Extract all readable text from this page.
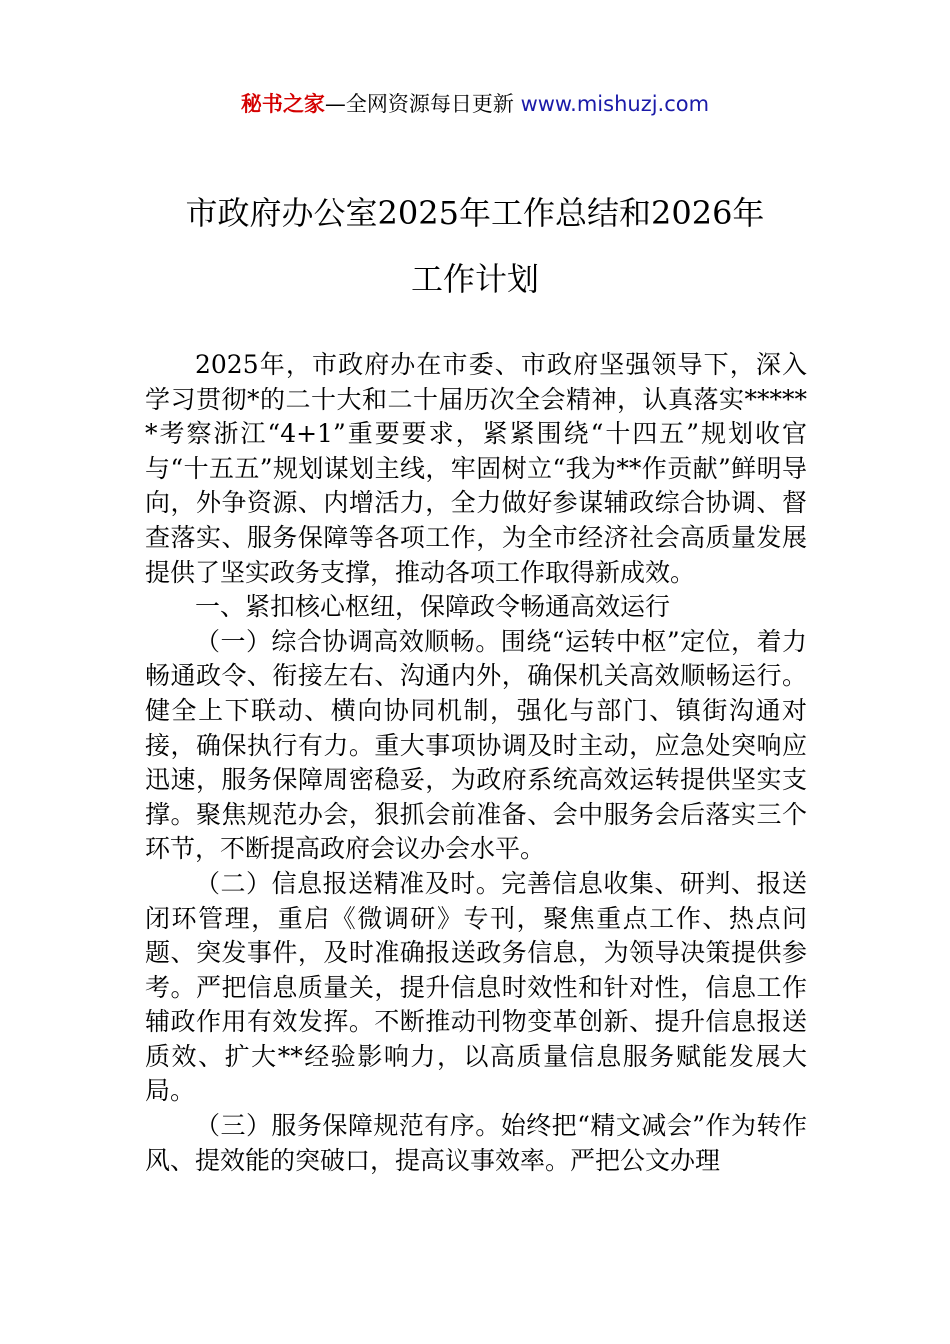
秘书之家—全网资源每日更新 www.mishuzj.com
市政府办公室2025年工作总结和2026年
工作计划

2025年，市政府办在市委、市政府坚强领导下，深入学习贯彻*的二十大和二十届历次全会精神，认真落实******考察浙江“4+1”重要要求，紧紧围绕“十四五”规划收官与“十五五”规划谋划主线，牢固树立“我为**作贡献”鲜明导向，外争资源、内增活力，全力做好参谋辅政综合协调、督查落实、服务保障等各项工作，为全市经济社会高质量发展提供了坚实政务支撑，推动各项工作取得新成效。

一、紧扣核心枢纽，保障政令畅通高效运行

（一）综合协调高效顺畅。围绕“运转中枢”定位，着力畅通政令、衔接左右、沟通内外，确保机关高效顺畅运行。健全上下联动、横向协同机制，强化与部门、镇街沟通对接，确保执行有力。重大事项协调及时主动，应急处突响应迅速，服务保障周密稳妥，为政府系统高效运转提供坚实支撑。聚焦规范办会，狠抓会前准备、会中服务会后落实三个环节，不断提高政府会议办会水平。

（二）信息报送精准及时。完善信息收集、研判、报送闭环管理，重启《微调研》专刊，聚焦重点工作、热点问题、突发事件，及时准确报送政务信息，为领导决策提供参考。严把信息质量关，提升信息时效性和针对性，信息工作辅政作用有效发挥。不断推动刊物变革创新、提升信息报送质效、扩大**经验影响力，以高质量信息服务赋能发展大局。

（三）服务保障规范有序。始终把“精文减会”作为转作风、提效能的突破口，提高议事效率。严把公文办理
